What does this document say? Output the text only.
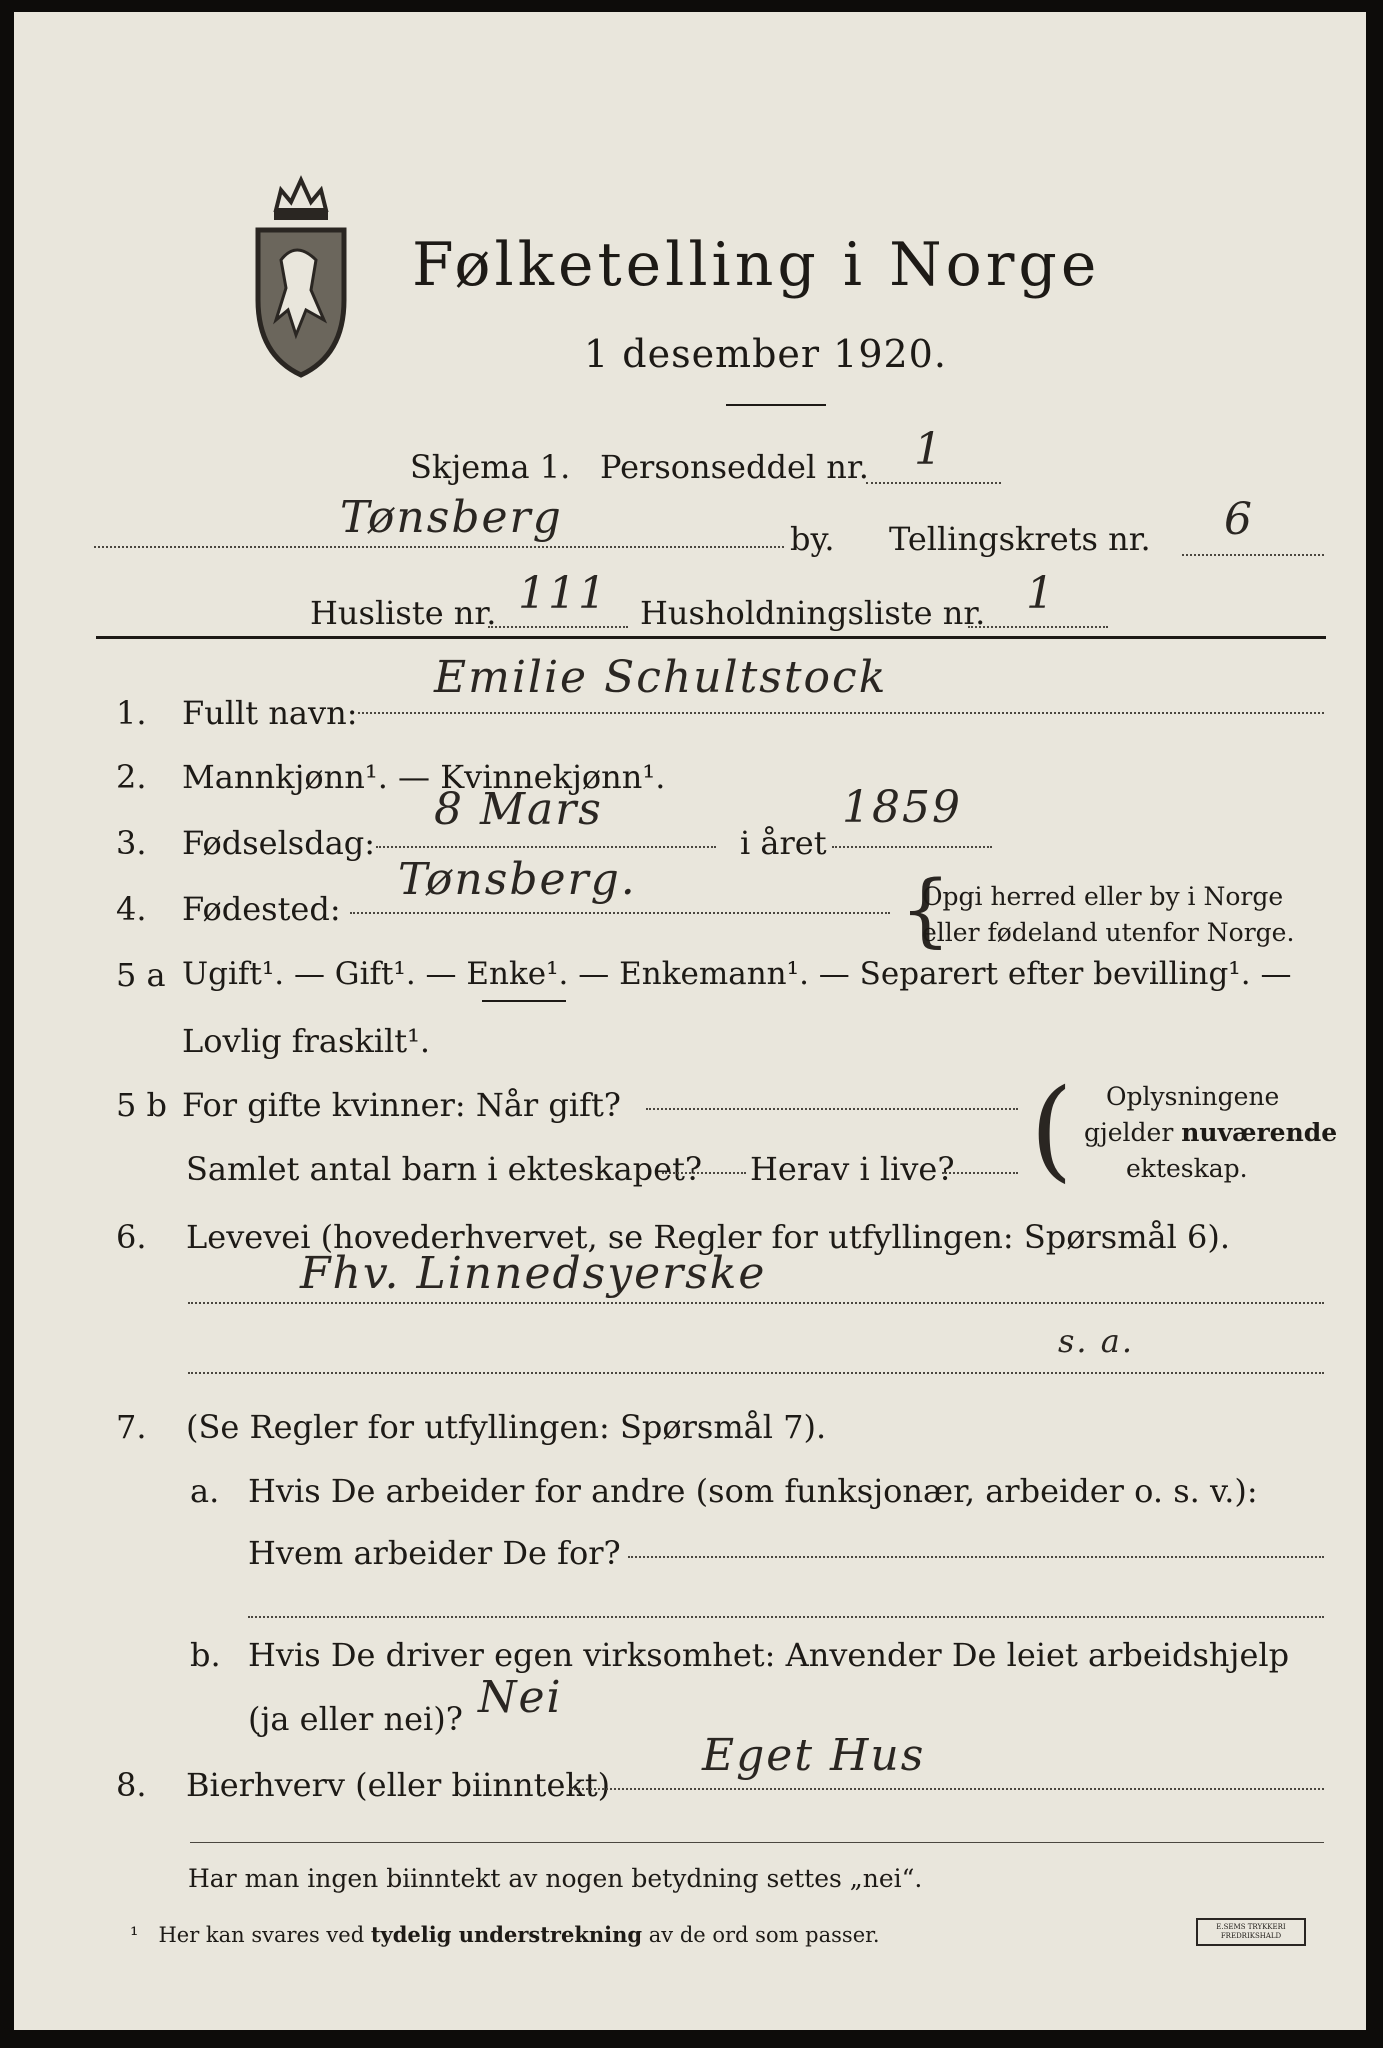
Følketelling i Norge
1 desember 1920.
Skjema 1. Personseddel nr. 1
Tønsberg	by. Tellingskrets nr. 6
Husliste nr. 111 Husholdningsliste nr. 1
1. Fullt navn:
Emilie Schultstock
2. Mannkjønn¹. — Kvinnekjønn¹.
3. Fødselsdag:
8 Mars
i året
1859
4. Fødested:
Tønsberg.	{
Opgi herred eller by i Norge
eller fødeland utenfor Norge.
5 a Ugift¹. — Gift¹. — Enke¹. — Enkemann¹. — Separert efter bevilling¹. —
Lovlig fraskilt¹.
5 b For gifte kvinner: Når gift?
Samlet antal barn i ekteskapet? Herav i live? ( Oplysningene
gjelder nuværende
ekteskap.
6. Levevei (hovederhvervet, se Regler for utfyllingen: Spørsmål 6).
Fhv. Linnedsyerske
s. a.
7. (Se Regler for utfyllingen: Spørsmål 7).
a. Hvis De arbeider for andre (som funksjonær, arbeider o. s. v.):
Hvem arbeider De for?
b. Hvis De driver egen virksomhet: Anvender De leiet arbeidshjelp
(ja eller nei)? Nei
8. Bierhverv (eller biinntekt)
Eget Hus
Har man ingen biinntekt av nogen betydning settes „nei“.
¹ Her kan svares ved tydelig understrekning av de ord som passer.	E.SEMS TRYKKERI FREDRIKSHALD
